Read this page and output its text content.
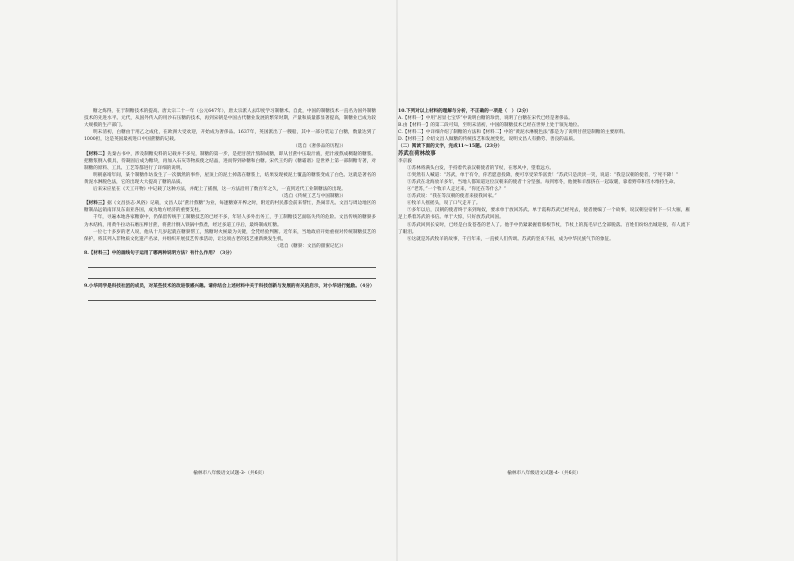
糖之炼得，在于制糖技术的提高。唐太宗二十一年（公元647年），唐太宗派人去印度学习制糖术。自此，中国的制糖技术一直名为国外制糖技术的先进水平。元代，从国外传入的用沙石压糖的技术，再到宋朝是中国古代糖业发展的繁荣时期，产量和质量都显著提高，制糖业已成为较大规模的生产部门。

明末清初，白糖由于用乙之成化，在欧洲大受欢迎，开始成为奢侈品。1637年，英国派出了一艘船，其中一部分装运了白糖，数量达到了1000担，这是英国最初进口中国蔗糖的记载。

（选自《奢侈品的历程》）

【材料二】先秦古书中，涉及制糖史料的记载并不多见，制糖的第一步，是把甘蔗汁熬制成糖，即从甘蔗中压取汁液，把汁液熬成稠黏的糖浆。把糖浆倒入模具，待凝固后成为糖块，再加入石灰等物质使之结晶，进而得到砂糖和白糖。宋代王灼的《糖霜谱》是世界上第一部制糖专著，对制糖的原料、工具、工艺等都进行了详细的说明。

明朝嘉靖年间，某个制糖作坊发生了一次偶然的事件，屋顶上的泥土掉落在糖浆上，结果发现被泥土覆盖的糖浆变成了白色。这就是著名的黄泥水淋脱色法，它的出现大大提高了糖的品质。

后来宋应星在《天工开物》中记载了这种方法，并配上了插图，这一方法沿用了数百年之久，一直到近代工业制糖法的出现。

（选自《传统工艺与中国制糖》）

【材料三】据《文昌县志·风俗》记载，文昌人以“蔗汁熬糖”为业，每逢糖寮开榨之时，附近的村民都会前来帮忙，热闹非凡。文昌与周边地区的糖制品远销南洋及东南亚各国，成为地方经济的重要支柱。

千年，寻遍本地各家糖寮中，仍保留传统手工制糖技艺的已经不多，年轻人多外出务工，手工制糖技艺面临失传的危险。文昌传统的糖寮多为木结构，用黄牛拉动石磨压榨甘蔗，将蔗汁倒入铁锅中熬煮，经过多道工序后，最终制成红糖。

一位七十多岁的老人说，他从十几岁起就在糖寮帮工，熬糖时火候最为关键，全凭经验判断。近年来，当地政府开始重视对传统制糖技艺的保护，将其列入非物质文化遗产名录，并组织开展技艺传承活动，让这项古老的技艺重新焕发生机。

（选自《糖寮：文昌的甜蜜记忆》）

8.【材料三】中的画线句子运用了哪两种说明方法？有什么作用？（3分）

9.小华同学是科技社团的成员，对某些技术的改进很感兴趣。请你结合上述材料中关于科技创新与发展的有关的启示，对小华进行勉励。（4分）

10.下列对以上材料的理解与分析，不正确的一项是（　）（2分）

A.【材料一】中用“居显七宝华”中说明白糖的珍贵，说明了白糖在宋代已经是奢侈品。

B.由【材料一】的第二段可知，至明末清初，中国的制糖技术已经在世界上处于领先地位。

C.【材料二】中详细介绍了制糖的方法和【材料二】中的“黄泥水淋脱色法”都是为了说明甘蔗是制糖的主要原料。

D.【材料三】介绍文昌人做糖的传统技艺和发展变化，说明文昌人有勤劳、善良的品质。

（二）阅读下面的文字，完成11～15题。（23分）

苏武在荷林故事

李京毅

①苏林将满头白发，手持着代表汉朝使者的节杖，在寒风中，望着远方。

②突然有人喊道：“苏武，单于有令，你若愿意投降，便可享受荣华富贵！”苏武只是淡淡一笑，说道：“我是汉朝的使者，宁死不降！”

③苏武在北海放羊多年，当地人都知道这位汉朝来的使者十分坚强。每到寒冬，他便和羊群挤在一起取暖，靠着野草和雪水维持生命。

④“老苏，”一个牧羊人走过来，“你还在等什么？”

⑤苏武说：“我在等汉朝的使者来接我回家。”

⑥牧羊人摇摇头，叹了口气走开了。

⑦多年以后，汉朝的使者终于来到匈奴，要求单于放回苏武。单于谎称苏武已经死去，使者便编了一个故事，说汉朝皇帝射下一只大雁，雁足上系着苏武的书信。单于大惊，只好放苏武回国。

⑧苏武回到长安时，已经是白发苍苍的老人了。他手中仍紧紧握着那根节杖，节杖上的旄毛早已全部脱落。百姓们纷纷出城迎接，有人流下了眼泪。

⑨这就是苏武牧羊的故事，千百年来，一直被人们传颂。苏武的坚贞不屈，成为中华民族气节的象征。

榆林市八年级语文试题-3-（共6页）	榆林市八年级语文试题-4-（共6页）
